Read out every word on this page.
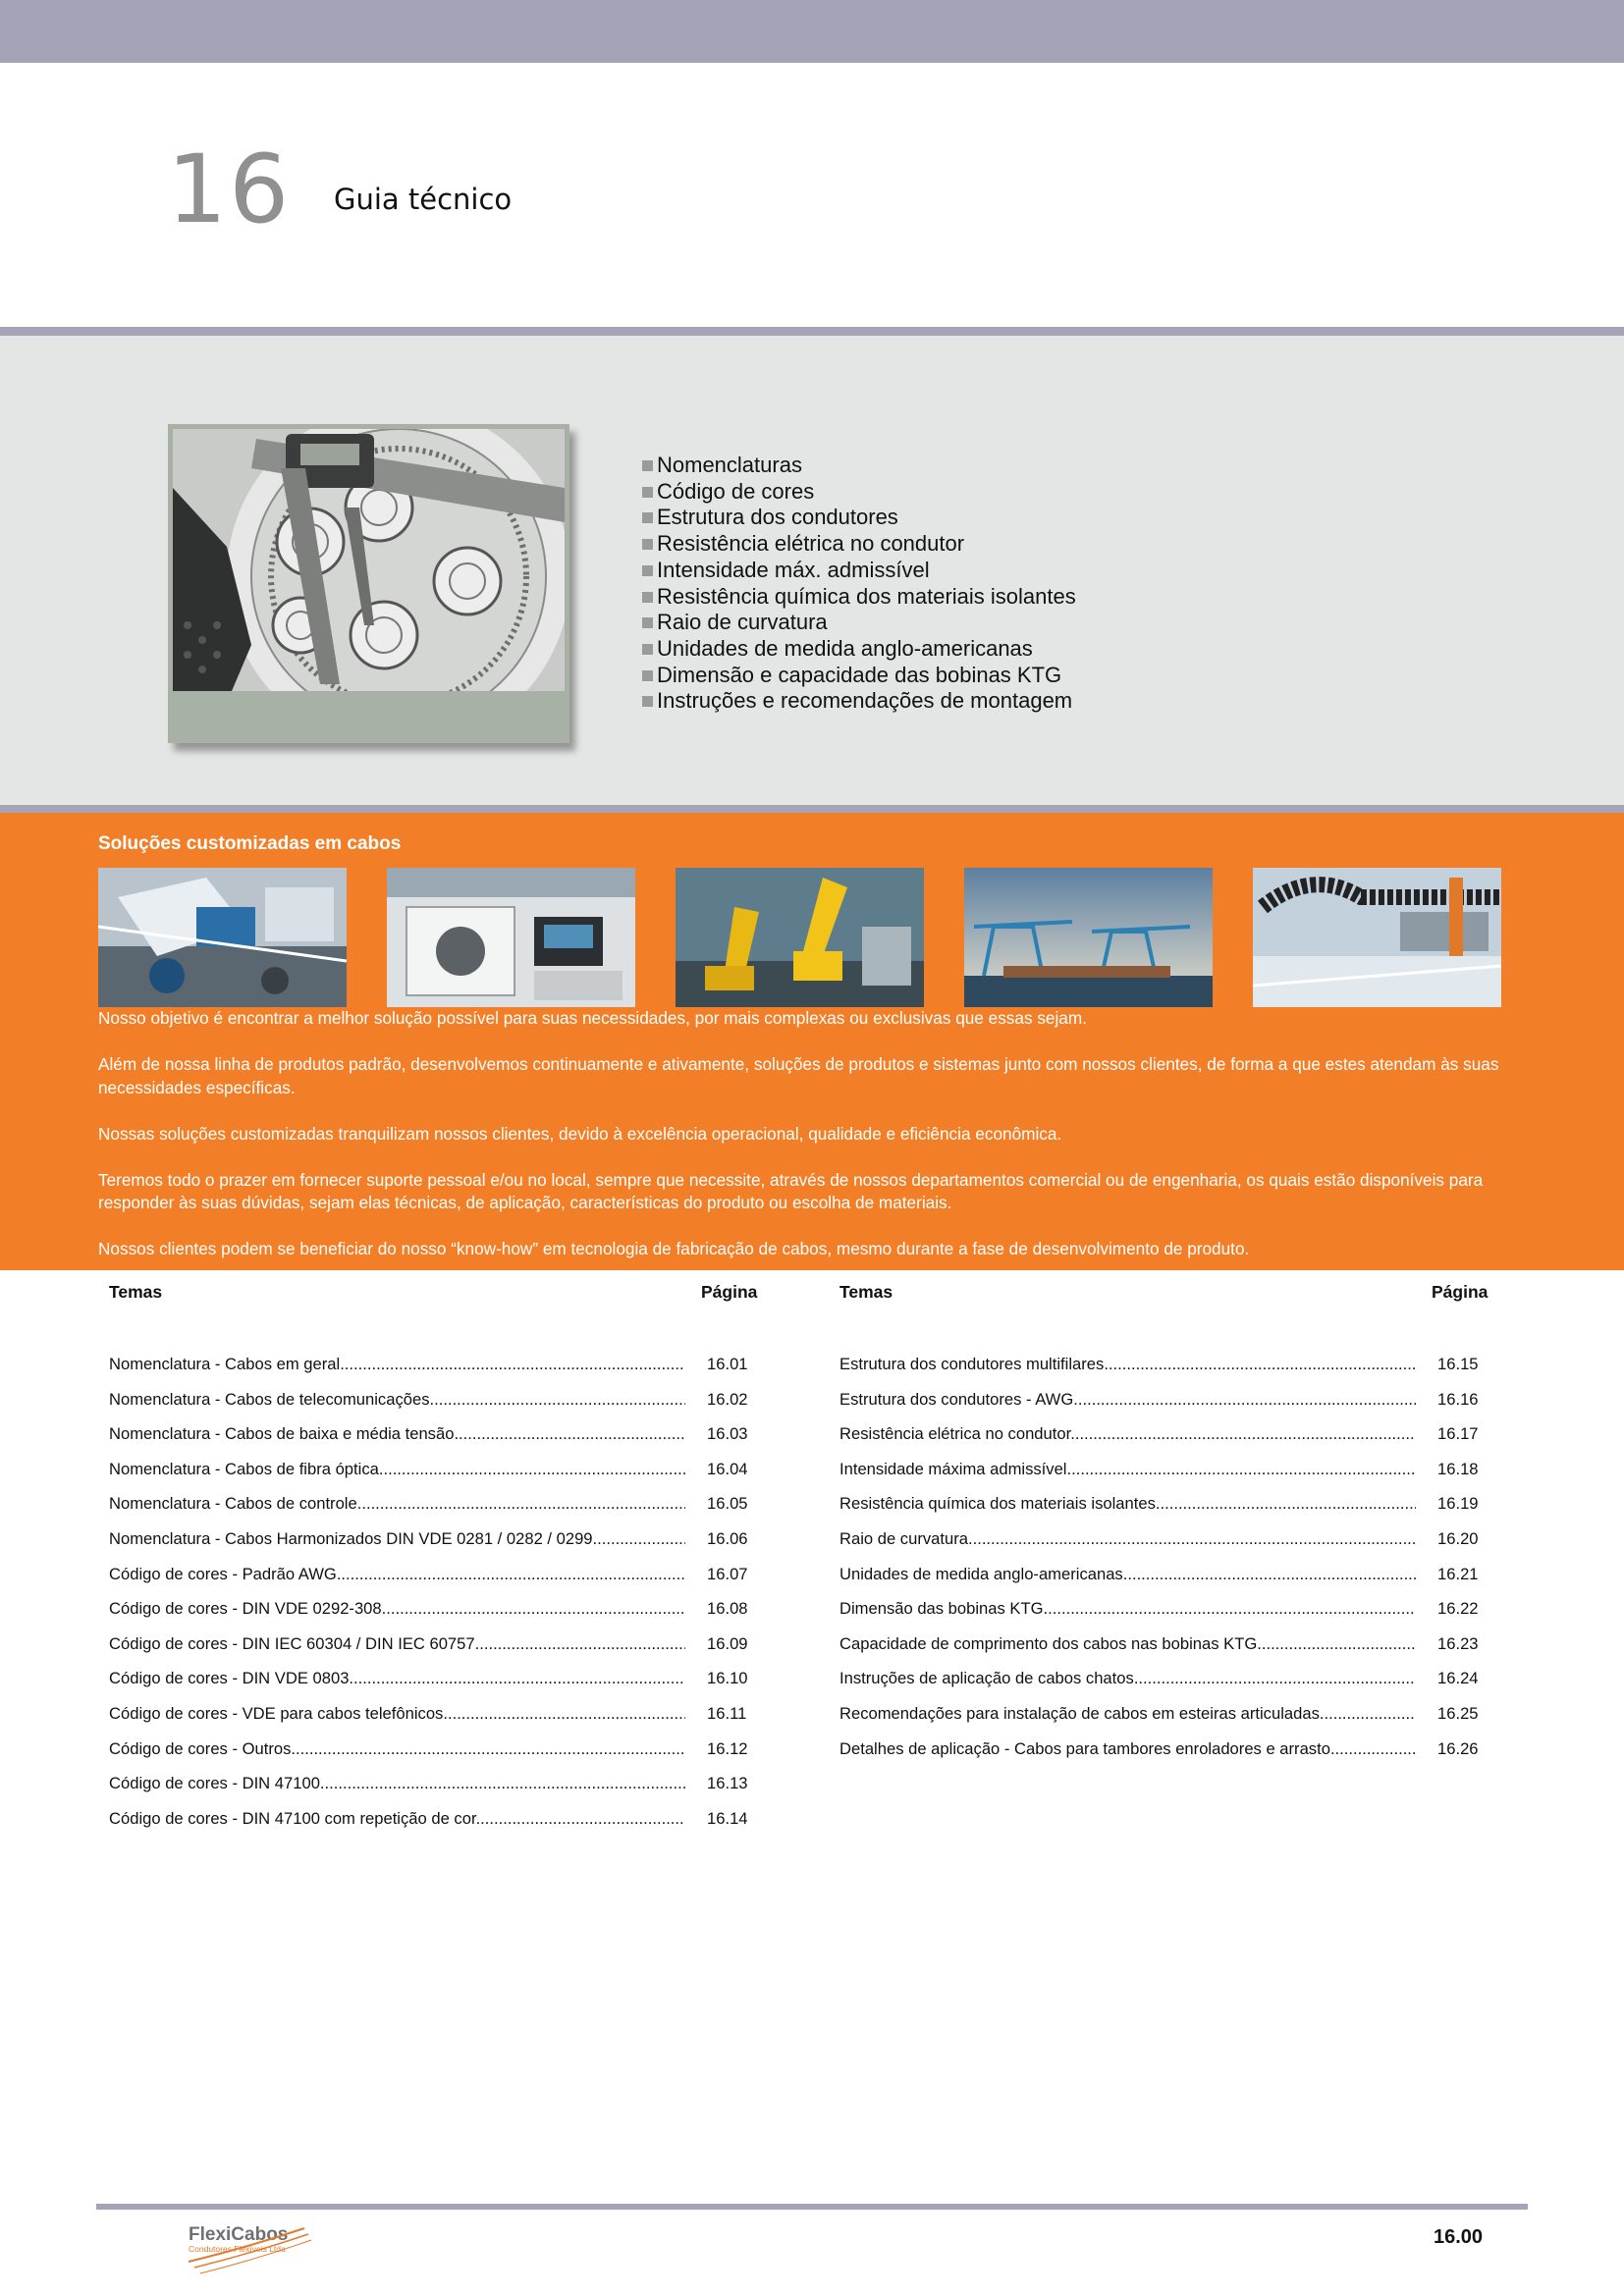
16 Guia técnico
Nomenclaturas
Código de cores
Estrutura dos condutores
Resistência elétrica no condutor
Intensidade máx. admissível
Resistência química dos materiais isolantes
Raio de curvatura
Unidades de medida anglo-americanas
Dimensão e capacidade das bobinas KTG
Instruções e recomendações de montagem
Soluções customizadas em cabos

Nosso objetivo é encontrar a melhor solução possível para suas necessidades, por mais complexas ou exclusivas que essas sejam.

Além de nossa linha de produtos padrão, desenvolvemos continuamente e ativamente, soluções de produtos e sistemas junto com nossos clientes, de forma a que estes atendam às suas necessidades específicas.

Nossas soluções customizadas tranquilizam nossos clientes, devido à excelência operacional, qualidade e eficiência econômica.

Teremos todo o prazer em fornecer suporte pessoal e/ou no local, sempre que necessite, através de nossos departamentos comercial ou de engenharia, os quais estão disponíveis para responder às suas dúvidas, sejam elas técnicas, de aplicação, características do produto ou escolha de materiais.

Nossos clientes podem se beneficiar do nosso “know-how” em tecnologia de fabricação de cabos, mesmo durante a fase de desenvolvimento de produto.

Temas	Página
Nomenclatura - Cabos em geral .....	16.01
Nomenclatura - Cabos de telecomunicações .....	16.02
Nomenclatura - Cabos de baixa e média tensão .....	16.03
Nomenclatura - Cabos de fibra óptica .....	16.04
Nomenclatura - Cabos de controle .....	16.05
Nomenclatura - Cabos Harmonizados DIN VDE 0281 / 0282 / 0299 .....	16.06
Código de cores - Padrão AWG .....	16.07
Código de cores - DIN VDE 0292-308 .....	16.08
Código de cores - DIN IEC 60304 / DIN IEC 60757 .....	16.09
Código de cores - DIN VDE 0803 .....	16.10
Código de cores - VDE para cabos telefônicos .....	16.11
Código de cores - Outros .....	16.12
Código de cores - DIN 47100 .....	16.13
Código de cores - DIN 47100 com repetição de cor .....	16.14
Temas	Página
Estrutura dos condutores multifilares .....	16.15
Estrutura dos condutores - AWG .....	16.16
Resistência elétrica no condutor .....	16.17
Intensidade máxima admissível .....	16.18
Resistência química dos materiais isolantes .....	16.19
Raio de curvatura .....	16.20
Unidades de medida anglo-americanas .....	16.21
Dimensão das bobinas KTG .....	16.22
Capacidade de comprimento dos cabos nas bobinas KTG .....	16.23
Instruções de aplicação de cabos chatos .....	16.24
Recomendações para instalação de cabos em esteiras articuladas .....	16.25
Detalhes de aplicação - Cabos para tambores enroladores e arrasto .....	16.26
FlexiCabos
Condutores Flexíveis Ltda
16.00
